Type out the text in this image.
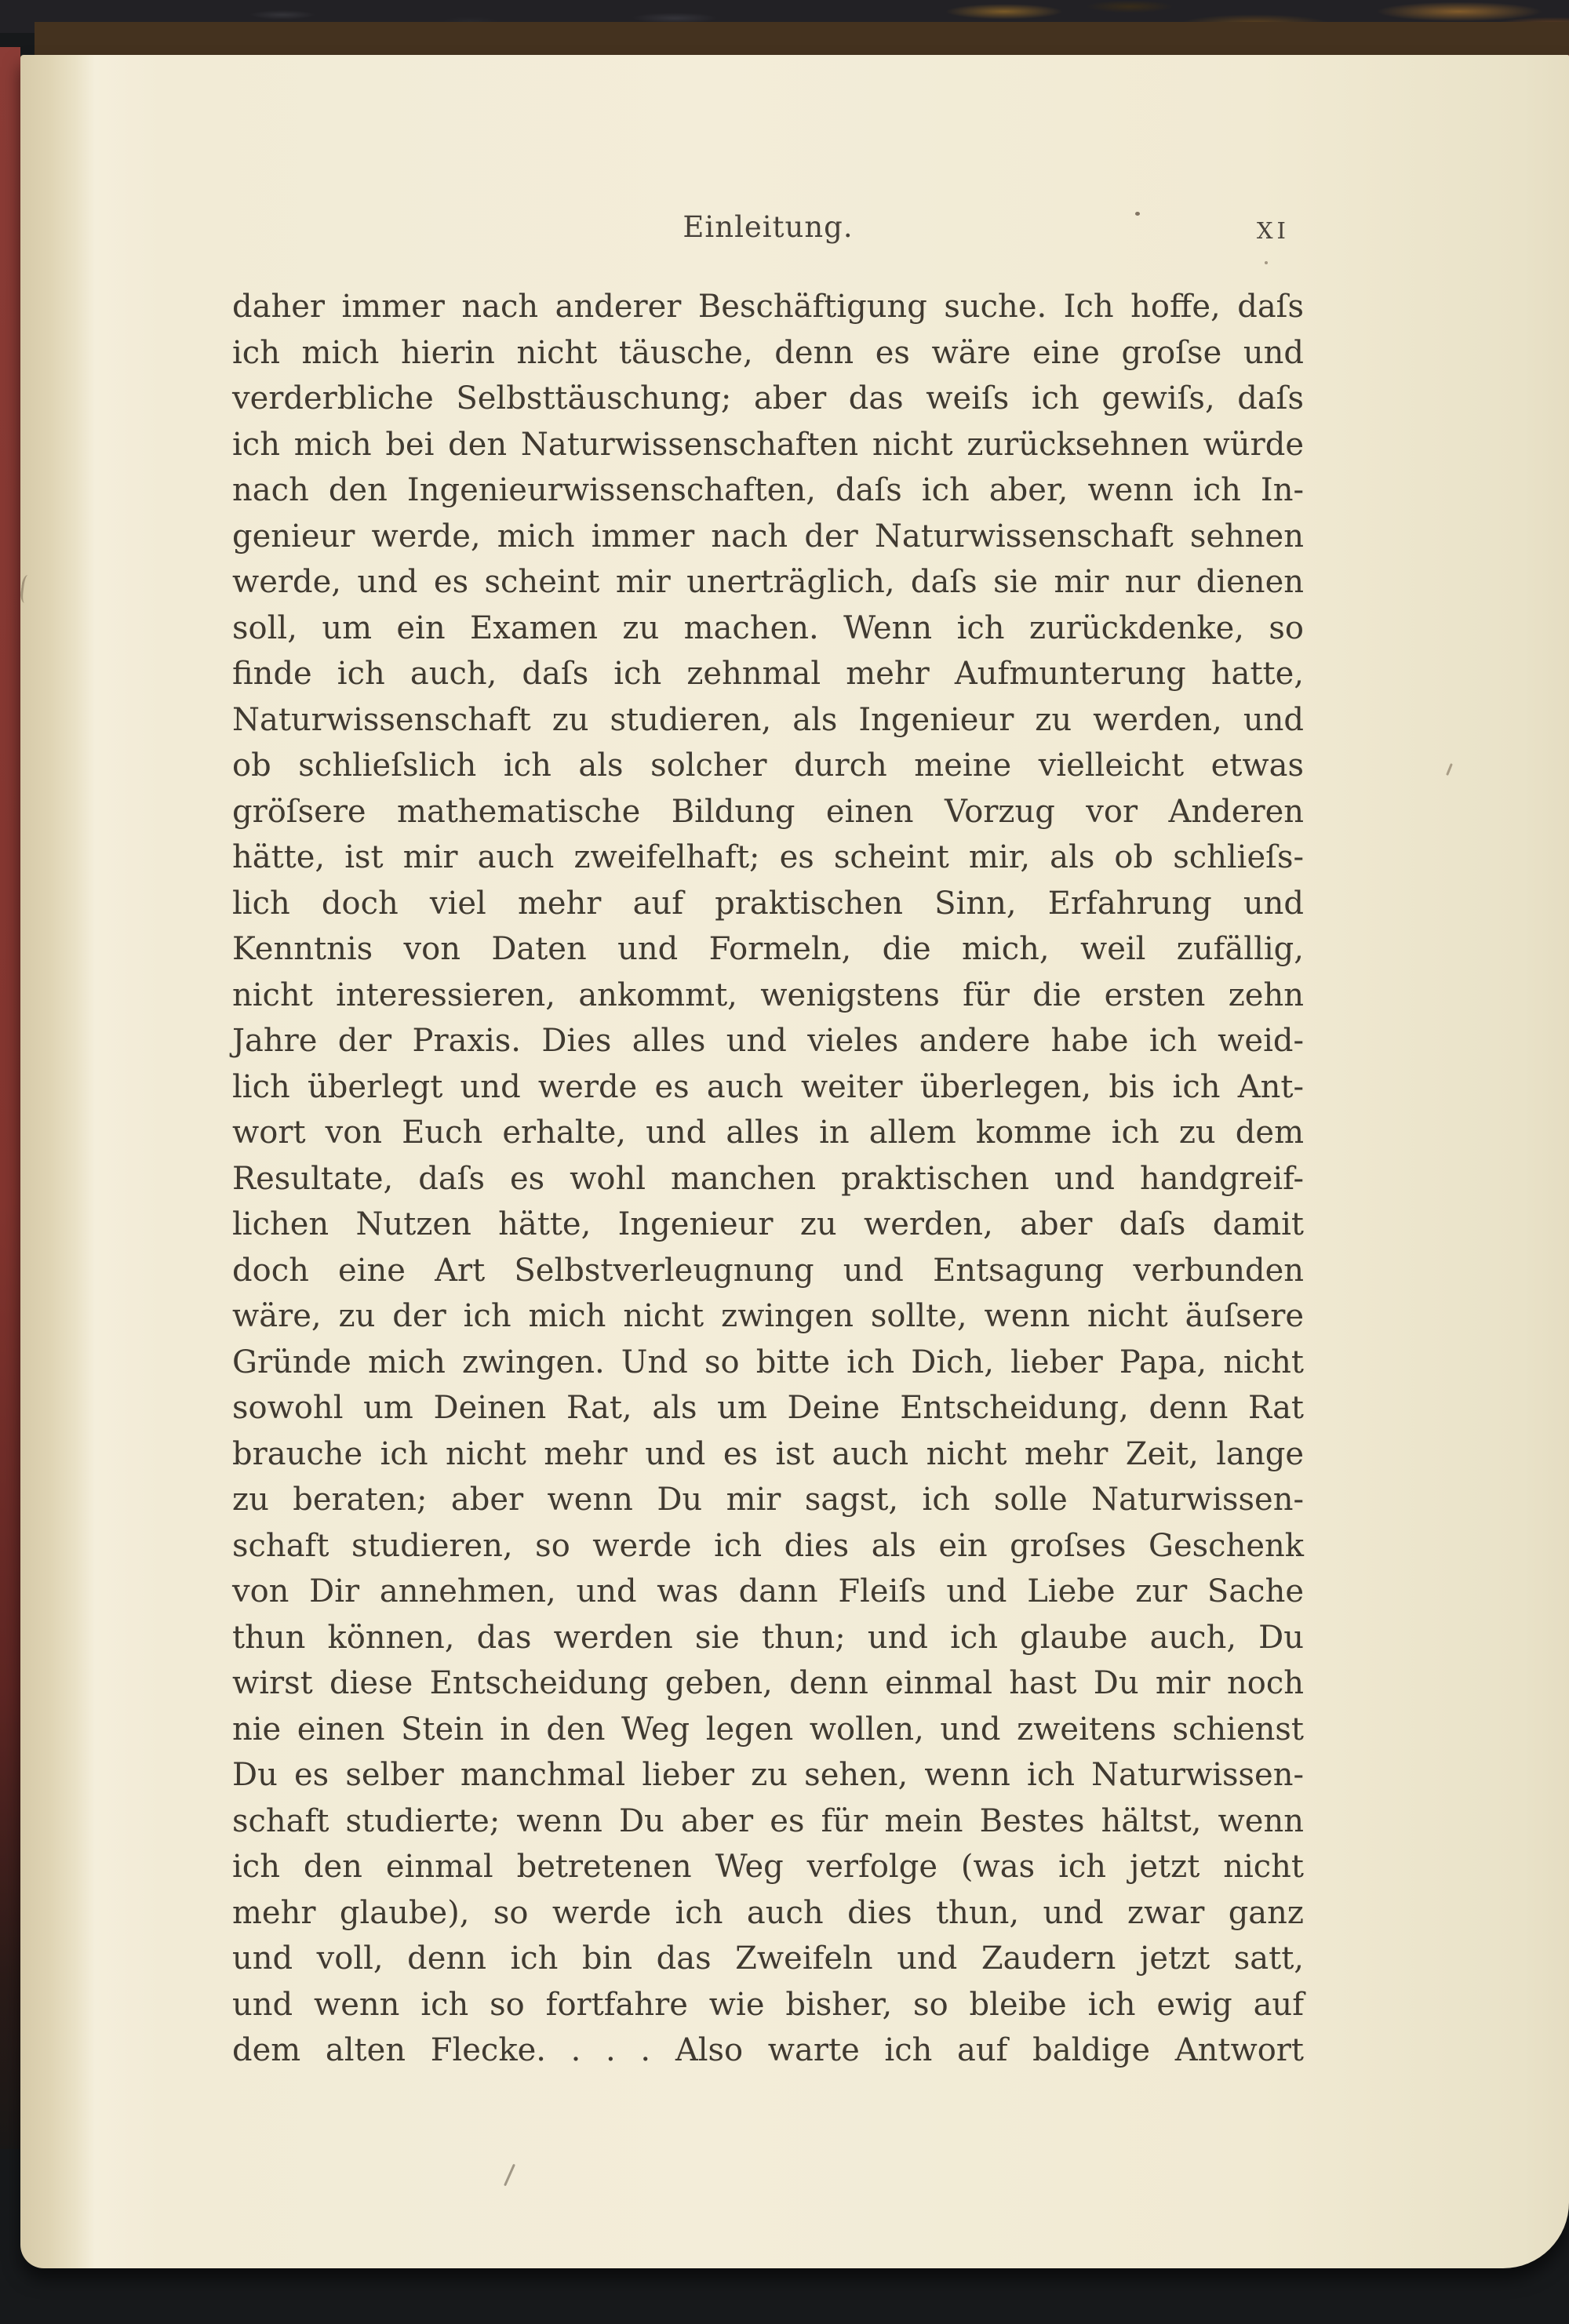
Einleitung.	XI
daher immer nach anderer Beschäftigung suche. Ich hoffe, daſs
ich mich hierin nicht täusche, denn es wäre eine groſse und
verderbliche Selbsttäuschung; aber das weiſs ich gewiſs, daſs
ich mich bei den Naturwissenschaften nicht zurücksehnen würde
nach den Ingenieurwissenschaften, daſs ich aber, wenn ich In-
genieur werde, mich immer nach der Naturwissenschaft sehnen
werde, und es scheint mir unerträglich, daſs sie mir nur dienen
soll, um ein Examen zu machen. Wenn ich zurückdenke, so
finde ich auch, daſs ich zehnmal mehr Aufmunterung hatte,
Naturwissenschaft zu studieren, als Ingenieur zu werden, und
ob schlieſslich ich als solcher durch meine vielleicht etwas
gröſsere mathematische Bildung einen Vorzug vor Anderen
hätte, ist mir auch zweifelhaft; es scheint mir, als ob schlieſs-
lich doch viel mehr auf praktischen Sinn, Erfahrung und
Kenntnis von Daten und Formeln, die mich, weil zufällig,
nicht interessieren, ankommt, wenigstens für die ersten zehn
Jahre der Praxis. Dies alles und vieles andere habe ich weid-
lich überlegt und werde es auch weiter überlegen, bis ich Ant-
wort von Euch erhalte, und alles in allem komme ich zu dem
Resultate, daſs es wohl manchen praktischen und handgreif-
lichen Nutzen hätte, Ingenieur zu werden, aber daſs damit
doch eine Art Selbstverleugnung und Entsagung verbunden
wäre, zu der ich mich nicht zwingen sollte, wenn nicht äuſsere
Gründe mich zwingen. Und so bitte ich Dich, lieber Papa, nicht
sowohl um Deinen Rat, als um Deine Entscheidung, denn Rat
brauche ich nicht mehr und es ist auch nicht mehr Zeit, lange
zu beraten; aber wenn Du mir sagst, ich solle Naturwissen-
schaft studieren, so werde ich dies als ein groſses Geschenk
von Dir annehmen, und was dann Fleiſs und Liebe zur Sache
thun können, das werden sie thun; und ich glaube auch, Du
wirst diese Entscheidung geben, denn einmal hast Du mir noch
nie einen Stein in den Weg legen wollen, und zweitens schienst
Du es selber manchmal lieber zu sehen, wenn ich Naturwissen-
schaft studierte; wenn Du aber es für mein Bestes hältst, wenn
ich den einmal betretenen Weg verfolge (was ich jetzt nicht
mehr glaube), so werde ich auch dies thun, und zwar ganz
und voll, denn ich bin das Zweifeln und Zaudern jetzt satt,
und wenn ich so fortfahre wie bisher, so bleibe ich ewig auf
dem alten Flecke. . . . Also warte ich auf baldige Antwort
